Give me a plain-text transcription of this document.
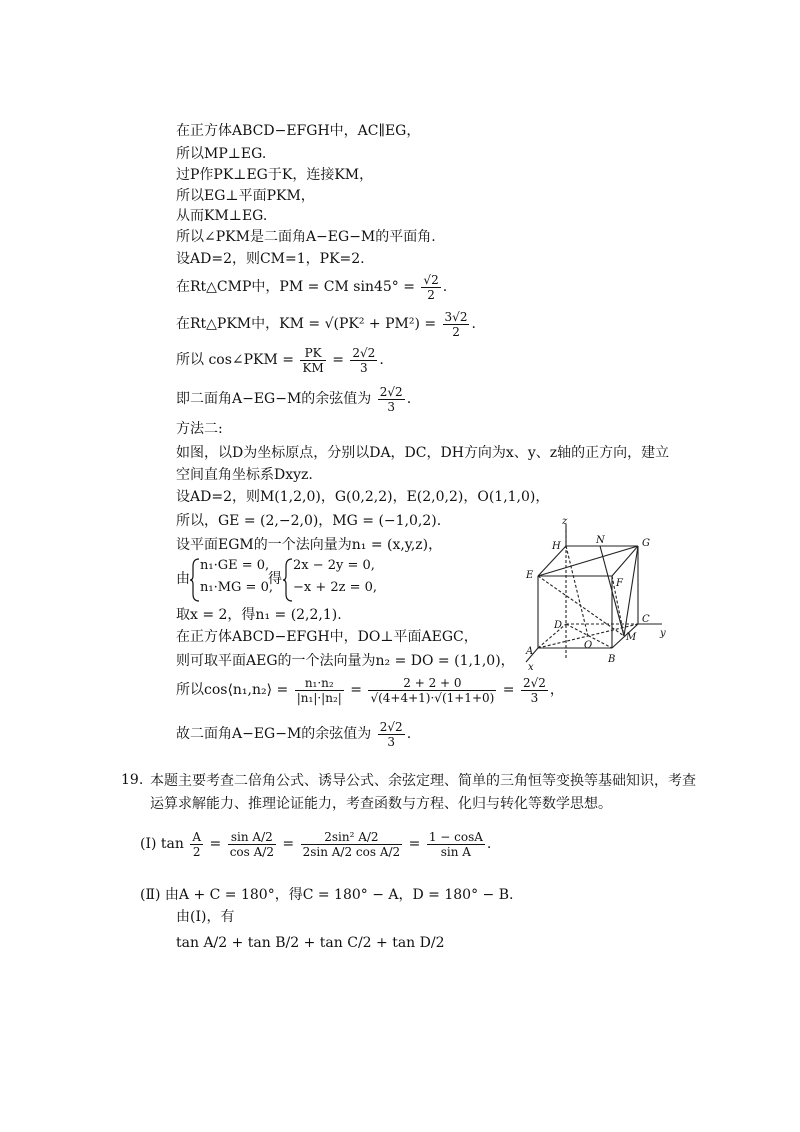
在正方体ABCD−EFGH中，AC∥EG，
所以MP⊥EG.
过P作PK⊥EG于K，连接KM，
所以EG⊥平面PKM，
从而KM⊥EG.
所以∠PKM是二面角A−EG−M的平面角.
设AD=2，则CM=1，PK=2.
在Rt△CMP中，PM = CM $\sin 45^\circ = \frac{√2}{2}$ .
在Rt△PKM中，KM = $√(PK^2 + PM^2) = \frac{3√2}{2}$ .
所以 cos∠PKM = $\frac{PK}{KM} = \frac{2√2}{3}$ .
即二面角A−EG−M的余弦值为 $\frac{2√2}{3}$ .
方法二:
如图，以D为坐标原点，分别以DA，DC，DH方向为x、y、z轴的正方向，建立
空间直角坐标系Dxyz.
设AD=2，则M(1,2,0)，G(0,2,2)，E(2,0,2)，O(1,1,0)，
所以，GE = (2,−2,0)，MG = (−1,0,2).
设平面EGM的一个法向量为n₁ = (x,y,z)，
由
n₁·GE = 0,
n₁·MG = 0,
得
2x − 2y = 0,
−x + 2z = 0,
取x = 2，得n₁ = (2,2,1).
在正方体ABCD−EFGH中，DO⊥平面AEGC，
则可取平面AEG的一个法向量为n₂ = DO = (1,1,0)，
所以cos⟨n₁,n₂⟩ = $\frac{\text{n₁·n₂}}{\text{|n₁|·|n₂|}} = \frac{2 + 2 + 0}{√(4+4+1)\cdot√(1+1+0)} = \frac{2√2}{3}$ ，
故二面角A−EG−M的余弦值为 $\frac{2√2}{3}$ .
z
H
N	G
E
F
D
C
y
O
M
A
B
x
19. 本题主要考查二倍角公式、诱导公式、余弦定理、简单的三角恒等变换等基础知识，考查
运算求解能力、推理论证能力，考查函数与方程、化归与转化等数学思想。
(Ⅰ) $\tan \frac{A}{2} = \frac{\text{sin A/2}}{\text{cos A/2}} = \frac{\text{2sin² A/2}}{\text{2sin A/2 cos A/2}} = \frac{1 - \cos A}{\text{sin A}}$ .
(Ⅱ) 由A + C = 180°，得C = 180° − A，D = 180° − B.
由(Ⅰ)，有
tan A/2 + tan B/2 + tan C/2 + tan D/2
